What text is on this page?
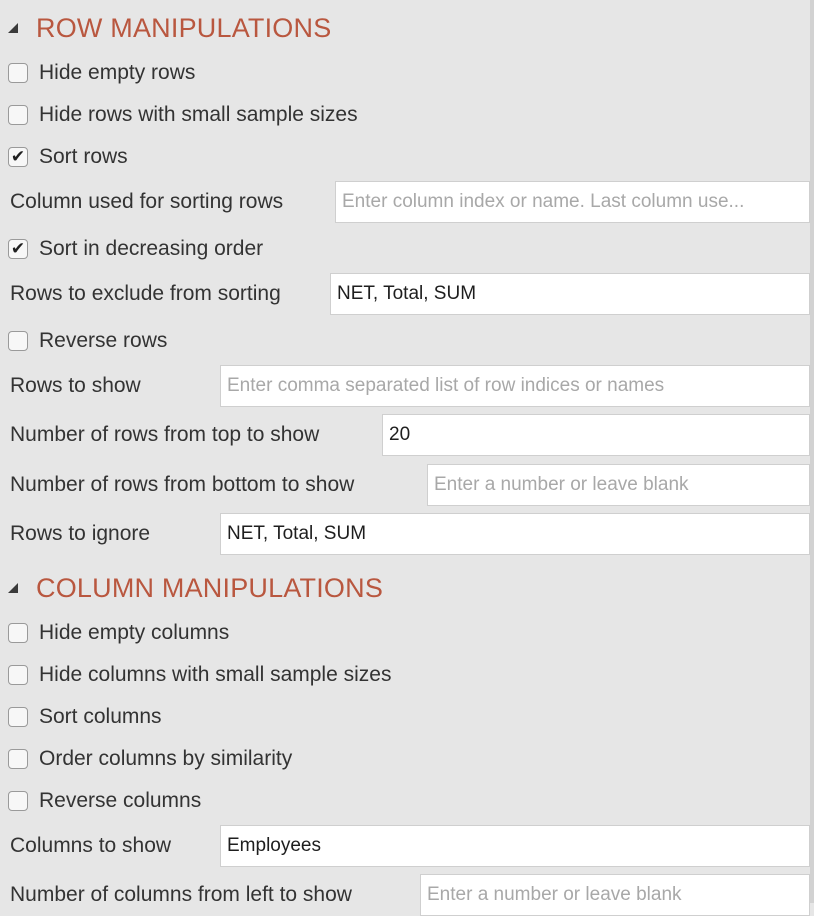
ROW MANIPULATIONS
Hide empty rows
Hide rows with small sample sizes
✔ Sort rows
Column used for sorting rows	Enter column index or name. Last column use...
✔ Sort in decreasing order
Rows to exclude from sorting	NET, Total, SUM
Reverse rows
Rows to show	Enter comma separated list of row indices or names
Number of rows from top to show	20
Number of rows from bottom to show	Enter a number or leave blank
Rows to ignore	NET, Total, SUM
COLUMN MANIPULATIONS
Hide empty columns
Hide columns with small sample sizes
Sort columns
Order columns by similarity
Reverse columns
Columns to show	Employees
Number of columns from left to show	Enter a number or leave blank
